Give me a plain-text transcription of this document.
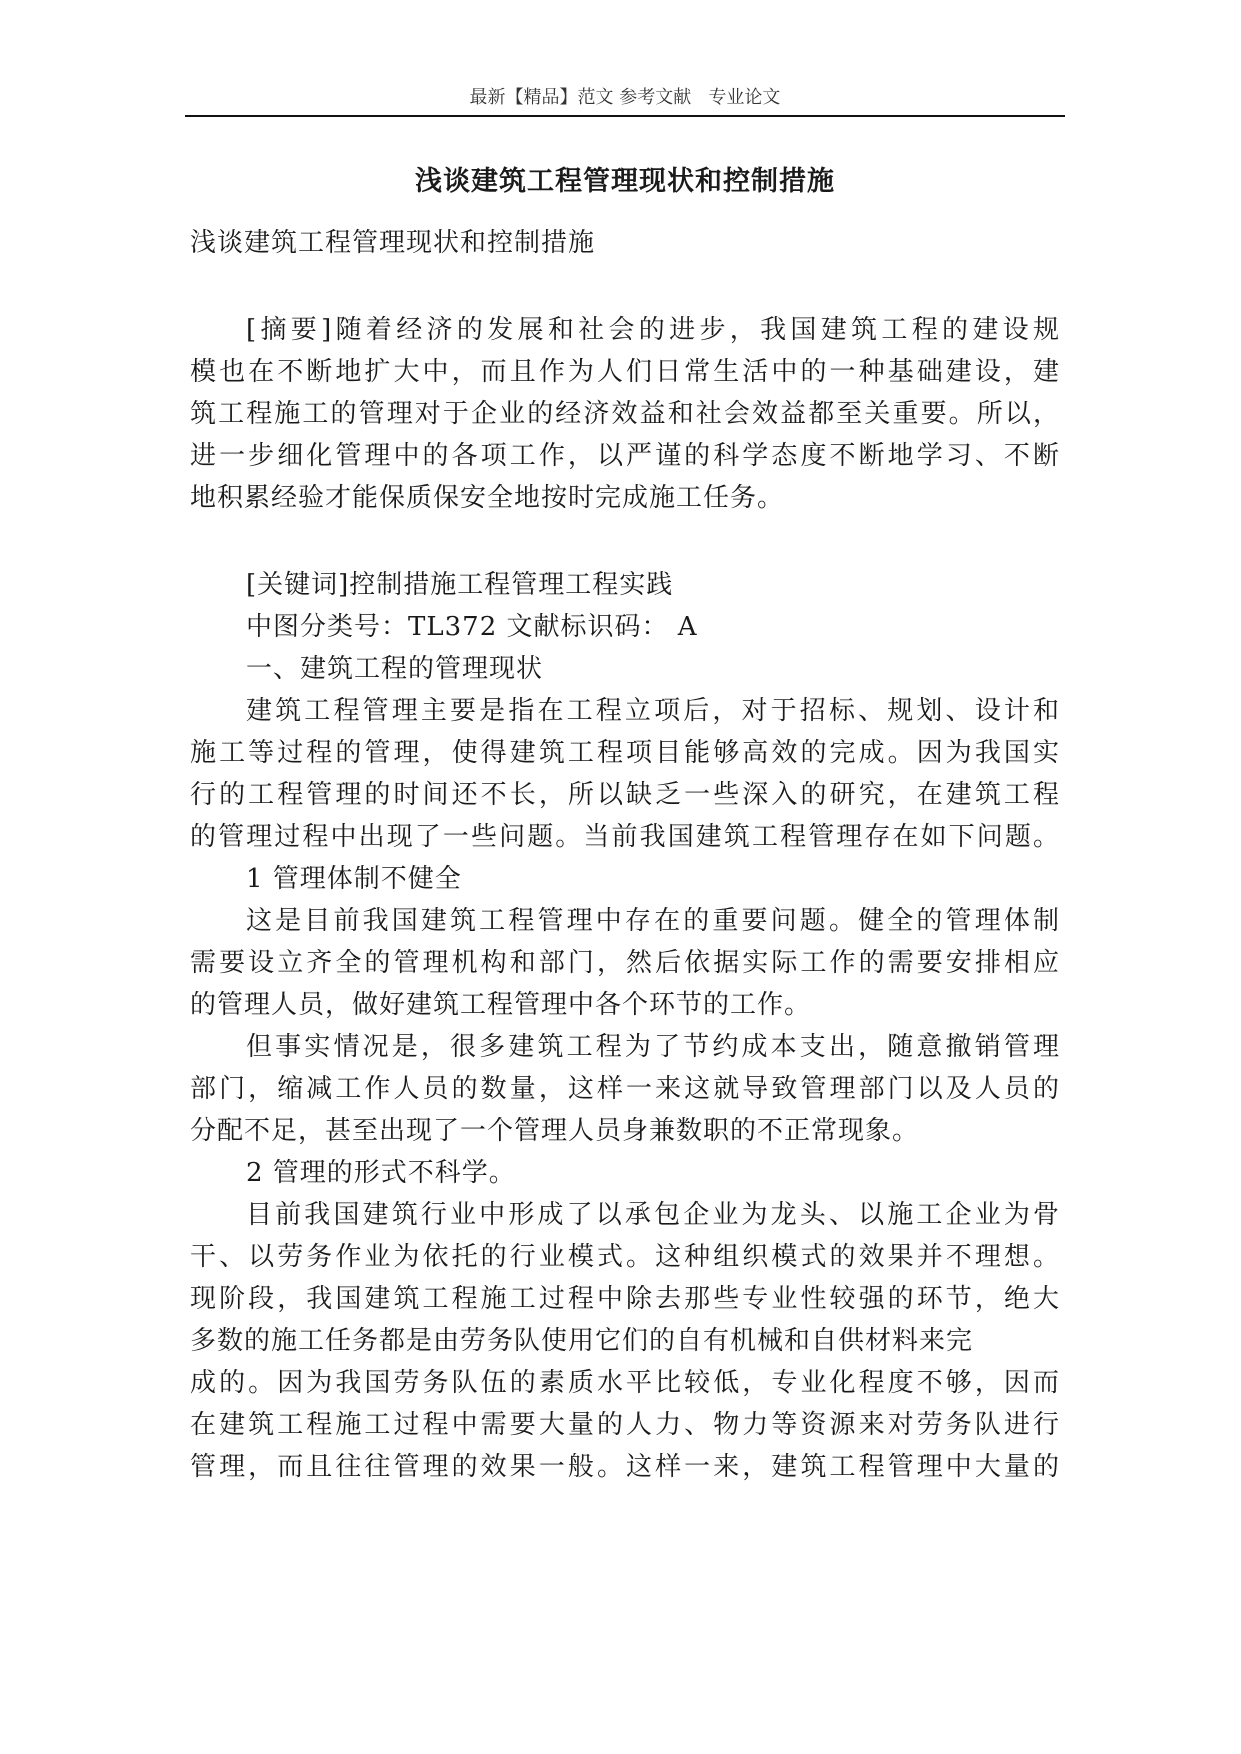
最新【精品】范文 参考文献   专业论文
浅谈建筑工程管理现状和控制措施
浅谈建筑工程管理现状和控制措施
[摘要]随着经济的发展和社会的进步，我国建筑工程的建设规
模也在不断地扩大中，而且作为人们日常生活中的一种基础建设，建
筑工程施工的管理对于企业的经济效益和社会效益都至关重要。所以，
进一步细化管理中的各项工作，以严谨的科学态度不断地学习、不断
地积累经验才能保质保安全地按时完成施工任务。
[关键词]控制措施工程管理工程实践
中图分类号：TL372 文献标识码： A
一、建筑工程的管理现状
建筑工程管理主要是指在工程立项后，对于招标、规划、设计和
施工等过程的管理，使得建筑工程项目能够高效的完成。因为我国实
行的工程管理的时间还不长，所以缺乏一些深入的研究，在建筑工程
的管理过程中出现了一些问题。当前我国建筑工程管理存在如下问题。
1 管理体制不健全
这是目前我国建筑工程管理中存在的重要问题。健全的管理体制
需要设立齐全的管理机构和部门，然后依据实际工作的需要安排相应
的管理人员，做好建筑工程管理中各个环节的工作。
但事实情况是，很多建筑工程为了节约成本支出，随意撤销管理
部门，缩减工作人员的数量，这样一来这就导致管理部门以及人员的
分配不足，甚至出现了一个管理人员身兼数职的不正常现象。
2 管理的形式不科学。
目前我国建筑行业中形成了以承包企业为龙头、以施工企业为骨
干、以劳务作业为依托的行业模式。这种组织模式的效果并不理想。
现阶段，我国建筑工程施工过程中除去那些专业性较强的环节，绝大
多数的施工任务都是由劳务队使用它们的自有机械和自供材料来完
成的。因为我国劳务队伍的素质水平比较低，专业化程度不够，因而
在建筑工程施工过程中需要大量的人力、物力等资源来对劳务队进行
管理，而且往往管理的效果一般。这样一来，建筑工程管理中大量的
